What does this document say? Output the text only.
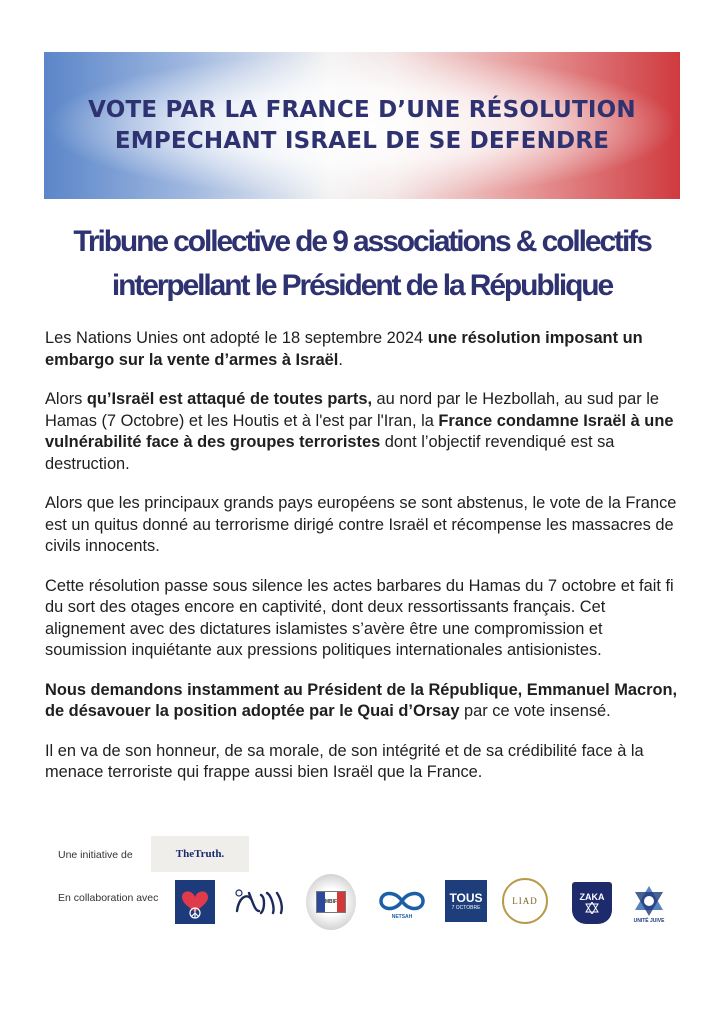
VOTE PAR LA FRANCE D’UNE RÉSOLUTION
EMPECHANT ISRAEL DE SE DEFENDRE
Tribune collective de 9 associations & collectifs
interpellant le Président de la République

Les Nations Unies ont adopté le 18 septembre 2024 une résolution imposant un embargo sur la vente d’armes à Israël.

Alors qu’Israël est attaqué de toutes parts, au nord par le Hezbollah, au sud par le Hamas (7 Octobre) et les Houtis et à l'est par l'Iran, la France condamne Israël à une vulnérabilité face à des groupes terroristes dont l’objectif revendiqué est sa destruction.

Alors que les principaux grands pays européens se sont abstenus, le vote de la France est un quitus donné au terrorisme dirigé contre Israël et récompense les massacres de civils innocents.

Cette résolution passe sous silence les actes barbares du Hamas du 7 octobre et fait fi du sort des otages encore en captivité, dont deux ressortissants français. Cet alignement avec des dictatures islamistes s’avère être une compromission et soumission inquiétante aux pressions politiques internationales antisionistes.

Nous demandons instamment au Président de la République, Emmanuel Macron, de désavouer la position adoptée par le Quai d’Orsay par ce vote insensé.

Il en va de son honneur, de sa morale, de son intégrité et de sa crédibilité face à la menace terroriste qui frappe aussi bien Israël que la France.

Une initiative de	TheTruth.
En collaboration avec	MBIF
NETSAH
TOUS
7 OCTOBRE
LIAD	ZAKA
UNITÉ JUIVE
